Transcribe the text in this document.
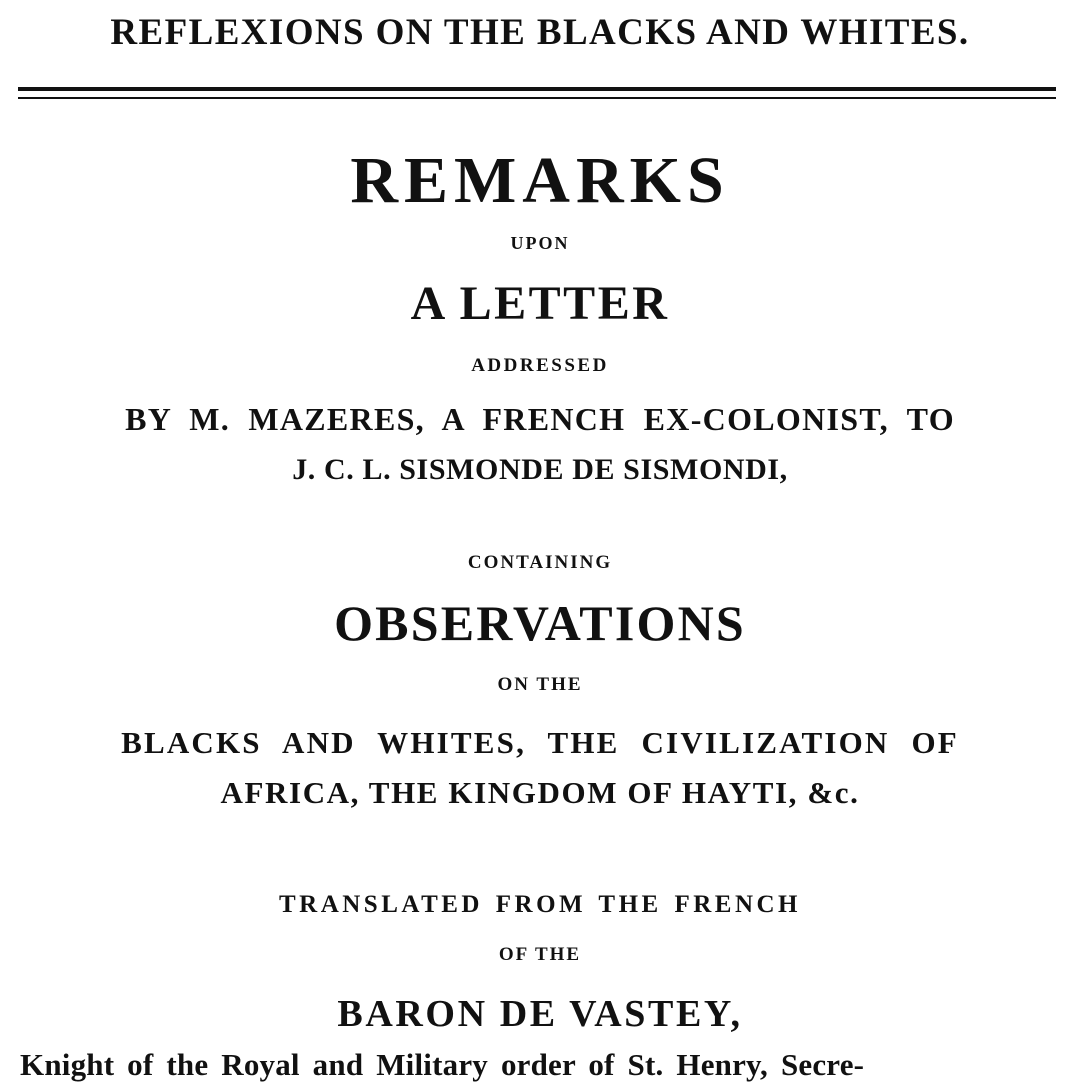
REFLEXIONS ON THE BLACKS AND WHITES.
REMARKS
UPON
A LETTER
ADDRESSED
BY M. MAZERES, A FRENCH EX-COLONIST, TO
J. C. L. SISMONDE DE SISMONDI,
CONTAINING
OBSERVATIONS
ON THE
BLACKS AND WHITES, THE CIVILIZATION OF
AFRICA, THE KINGDOM OF HAYTI, &c.
TRANSLATED FROM THE FRENCH
OF THE
BARON DE VASTEY,
Knight of the Royal and Military order of St. Henry, Secre-
